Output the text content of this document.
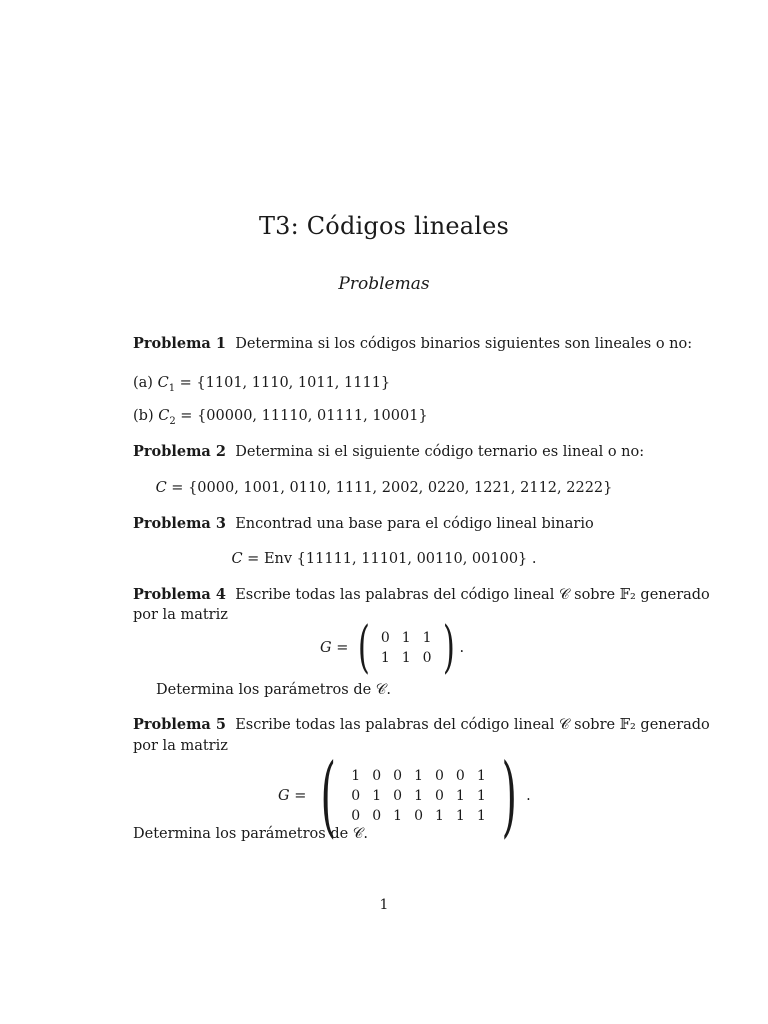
T3: Códigos lineales
Problemas
Problema 1 Determina si los códigos binarios siguientes son lineales o no:
(a) $C_1 = \{1101$, 1110, 1011, 1111}
(b) $C_2 = \{00000$, 11110, 01111, 10001}
Problema 2 Determina si el siguiente código ternario es lineal o no:
C = {0000, 1001, 0110, 1111, 2002, 0220, 1221, 2112, 2222}
Problema 3 Encontrad una base para el código lineal binario
C = Env {11111, 11101, 00110, 00100} .
Problema 4 Escribe todas las palabras del código lineal 𝒞 sobre 𝔽₂ generado
por la matriz
G =
( 0	1	1
1	1	0 ) .
Determina los parámetros de 𝒞.
Problema 5 Escribe todas las palabras del código lineal 𝒞 sobre 𝔽₂ generado
por la matriz
G =
( 1	0	0	1	0	0	1
0	1	0	1	0	1	1
0	0	1	0	1	1	1 ) .
Determina los parámetros de 𝒞.
1
